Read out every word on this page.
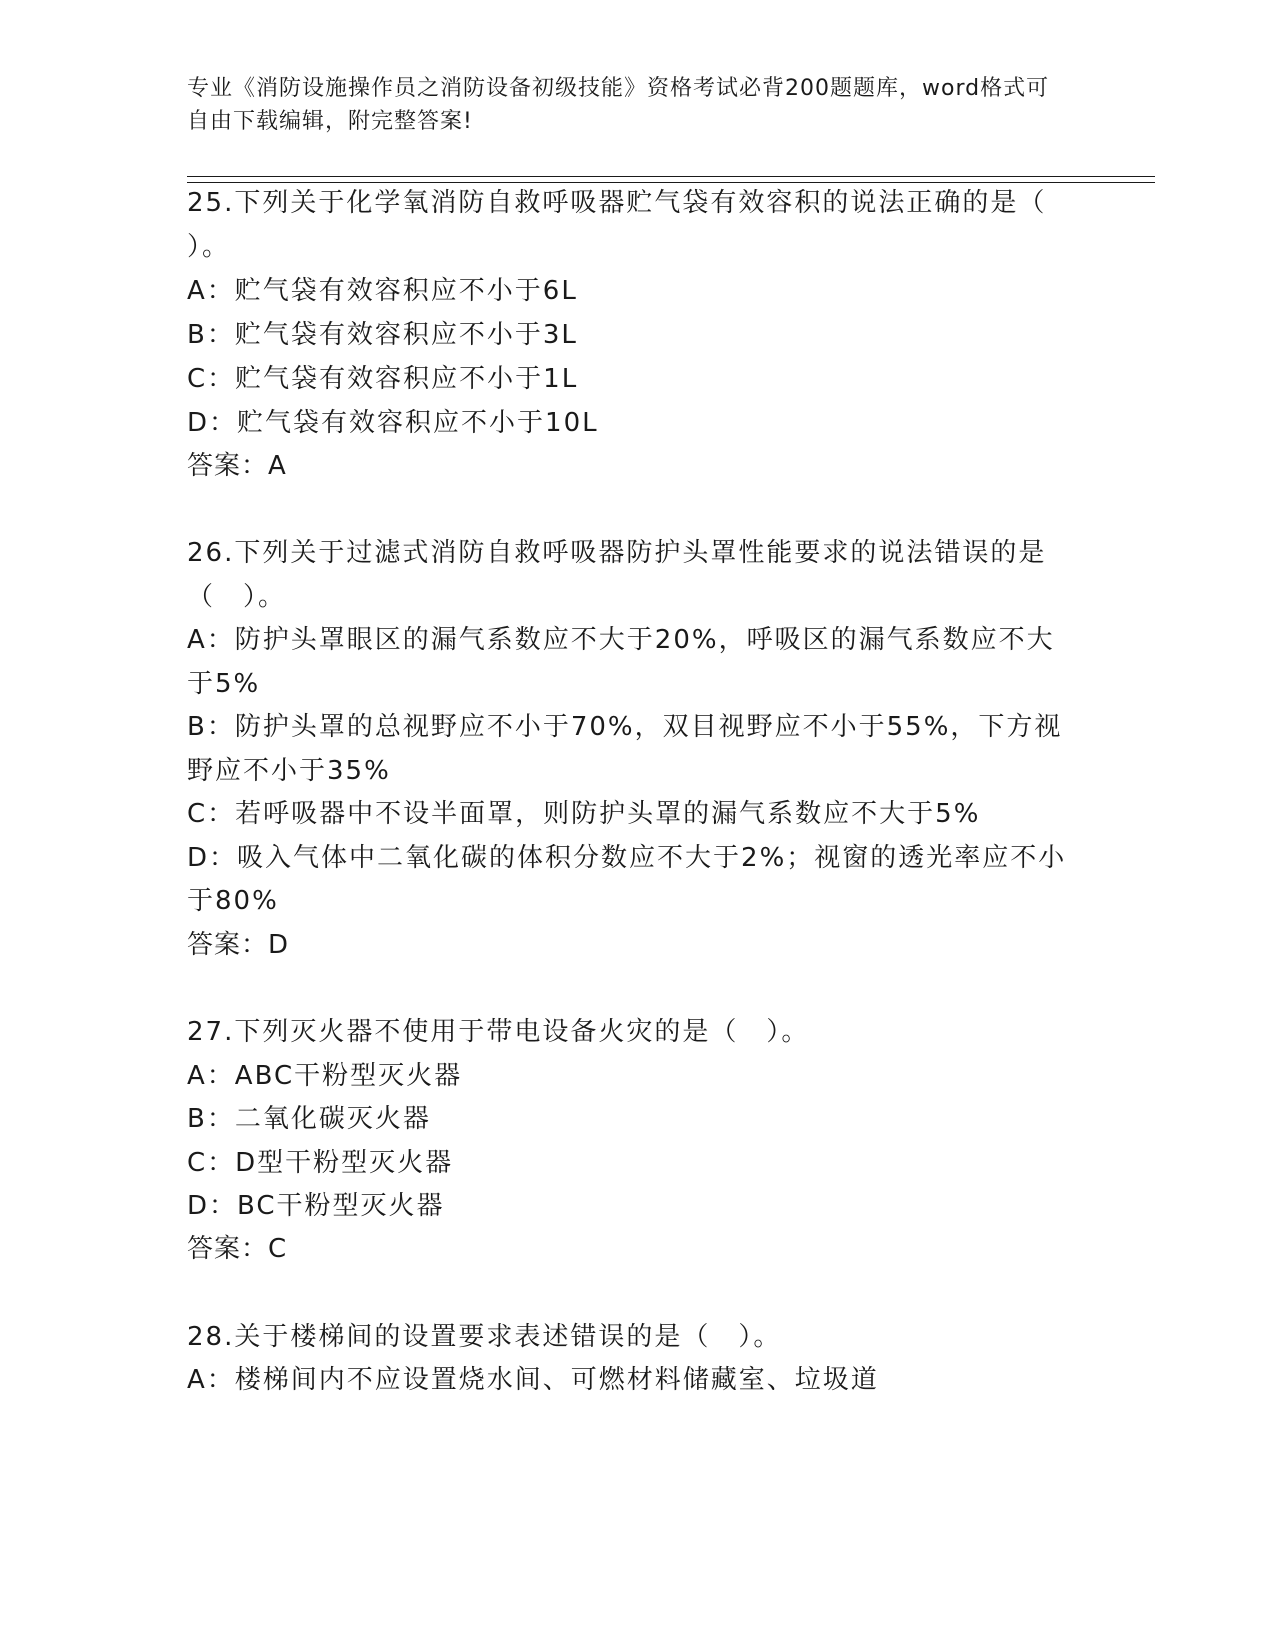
专业《消防设施操作员之消防设备初级技能》资格考试必背200题题库，word格式可自由下载编辑，附完整答案!
25.下列关于化学氧消防自救呼吸器贮气袋有效容积的说法正确的是（
）。
A：贮气袋有效容积应不小于6L
B：贮气袋有效容积应不小于3L
C：贮气袋有效容积应不小于1L
D：贮气袋有效容积应不小于10L
答案：A
26.下列关于过滤式消防自救呼吸器防护头罩性能要求的说法错误的是
（　）。
A：防护头罩眼区的漏气系数应不大于20%，呼吸区的漏气系数应不大
于5%
B：防护头罩的总视野应不小于70%，双目视野应不小于55%，下方视
野应不小于35%
C：若呼吸器中不设半面罩，则防护头罩的漏气系数应不大于5%
D：吸入气体中二氧化碳的体积分数应不大于2%；视窗的透光率应不小
于80%
答案：D
27.下列灭火器不使用于带电设备火灾的是（　）。
A：ABC干粉型灭火器
B：二氧化碳灭火器
C：D型干粉型灭火器
D：BC干粉型灭火器
答案：C
28.关于楼梯间的设置要求表述错误的是（　）。
A：楼梯间内不应设置烧水间、可燃材料储藏室、垃圾道
